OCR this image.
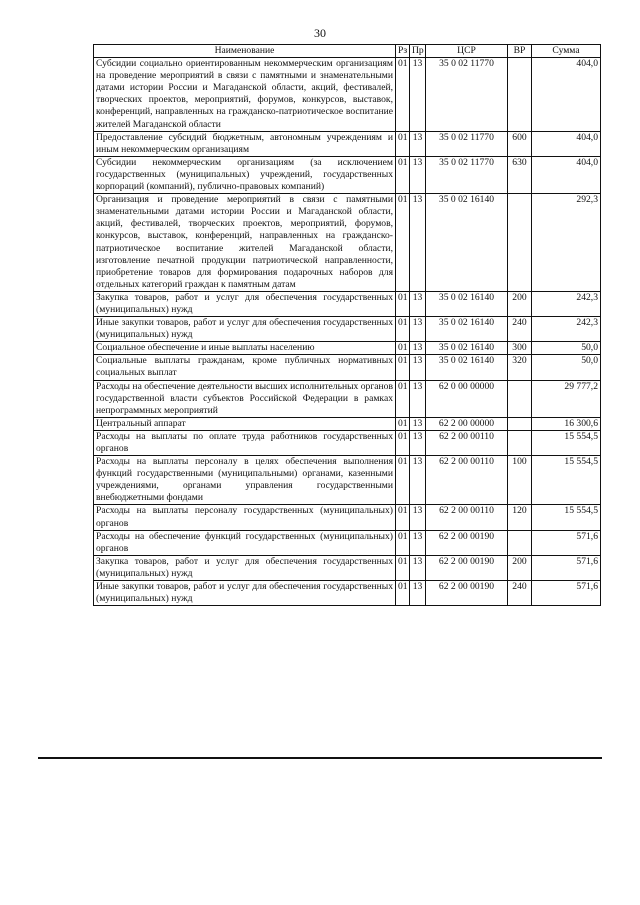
30
Наименование	Рз	Пр	ЦСР	ВР	Сумма
Субсидии социально ориентированным некоммерческим организациям на проведение мероприятий в связи с памятными и знаменательными датами истории России и Магаданской области, акций, фестивалей, творческих проектов, мероприятий, форумов, конкурсов, выставок, конференций, направленных на гражданско-патриотическое воспитание жителей Магаданской области	01	13	35 0 02 11770		404,0
Предоставление субсидий бюджетным, автономным учреждениям и иным некоммерческим организациям	01	13	35 0 02 11770	600	404,0
Субсидии некоммерческим организациям (за исключением государственных (муниципальных) учреждений, государственных корпораций (компаний), публично-правовых компаний)	01	13	35 0 02 11770	630	404,0
Организация и проведение мероприятий в связи с памятными знаменательными датами истории России и Магаданской области, акций, фестивалей, творческих проектов, мероприятий, форумов, конкурсов, выставок, конференций, направленных на гражданско-патриотическое воспитание жителей Магаданской области, изготовление печатной продукции патриотической направленности, приобретение товаров для формирования подарочных наборов для отдельных категорий граждан к памятным датам	01	13	35 0 02 16140		292,3
Закупка товаров, работ и услуг для обеспечения государственных (муниципальных) нужд	01	13	35 0 02 16140	200	242,3
Иные закупки товаров, работ и услуг для обеспечения государственных (муниципальных) нужд	01	13	35 0 02 16140	240	242,3
Социальное обеспечение и иные выплаты населению	01	13	35 0 02 16140	300	50,0
Социальные выплаты гражданам, кроме публичных нормативных социальных выплат	01	13	35 0 02 16140	320	50,0
Расходы на обеспечение деятельности высших исполнительных органов государственной власти субъектов Российской Федерации в рамках непрограммных мероприятий	01	13	62 0 00 00000		29 777,2
Центральный аппарат	01	13	62 2 00 00000		16 300,6
Расходы на выплаты по оплате труда работников государственных органов	01	13	62 2 00 00110		15 554,5
Расходы на выплаты персоналу в целях обеспечения выполнения функций государственными (муниципальными) органами, казенными учреждениями, органами управления государственными внебюджетными фондами	01	13	62 2 00 00110	100	15 554,5
Расходы на выплаты персоналу государственных (муниципальных) органов	01	13	62 2 00 00110	120	15 554,5
Расходы на обеспечение функций государственных (муниципальных) органов	01	13	62 2 00 00190		571,6
Закупка товаров, работ и услуг для обеспечения государственных (муниципальных) нужд	01	13	62 2 00 00190	200	571,6
Иные закупки товаров, работ и услуг для обеспечения государственных (муниципальных) нужд	01	13	62 2 00 00190	240	571,6
